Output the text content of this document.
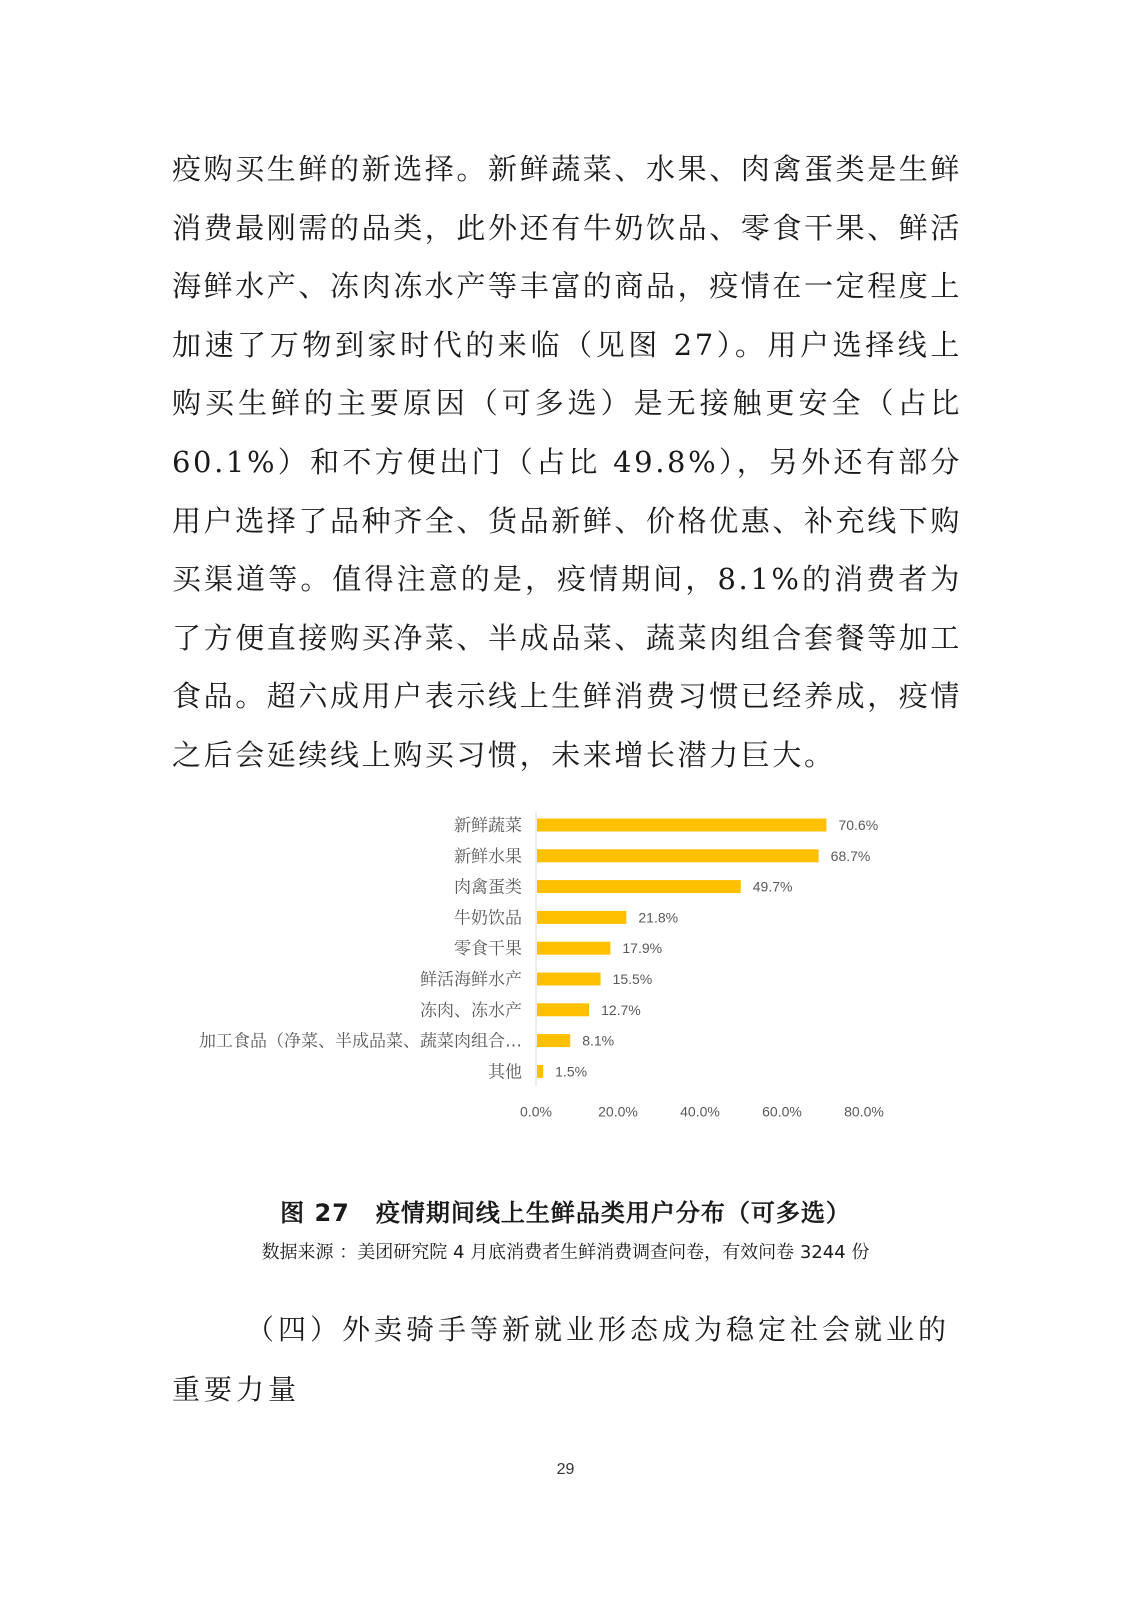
疫购买生鲜的新选择。新鲜蔬菜、水果、肉禽蛋类是生鲜消费最刚需的品类，此外还有牛奶饮品、零食干果、鲜活海鲜水产、冻肉冻水产等丰富的商品，疫情在一定程度上加速了万物到家时代的来临（见图 27）。用户选择线上购买生鲜的主要原因（可多选）是无接触更安全（占比 60.1%）和不方便出门（占比 49.8%），另外还有部分用户选择了品种齐全、货品新鲜、价格优惠、补充线下购买渠道等。值得注意的是，疫情期间，8.1%的消费者为了方便直接购买净菜、半成品菜、蔬菜肉组合套餐等加工食品。超六成用户表示线上生鲜消费习惯已经养成，疫情之后会延续线上购买习惯，未来增长潜力巨大。

新鲜蔬菜	70.6%
新鲜水果	68.7%
肉禽蛋类	49.7%
牛奶饮品	21.8%
零食干果	17.9%
鲜活海鲜水产	15.5%
冻肉、冻水产	12.7%
加工食品（净菜、半成品菜、蔬菜肉组合…	8.1%
其他 1.5%
0.0%	20.0%	40.0%	60.0%	80.0%
图 27 疫情期间线上生鲜品类用户分布（可多选）
数据来源 ：美团研究院 4 月底消费者生鲜消费调查问卷，有效问卷 3244 份

（四）外卖骑手等新就业形态成为稳定社会就业的重要力量

29
